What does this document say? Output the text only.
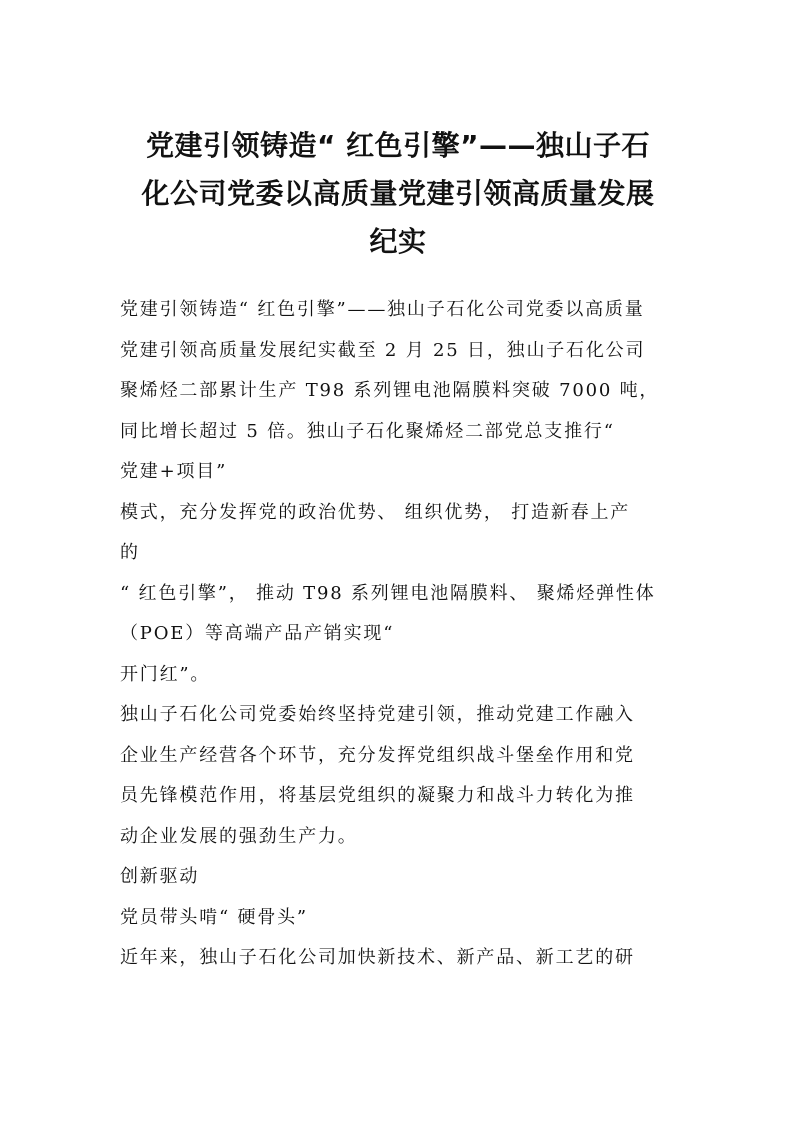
党建引领铸造“ 红色引擎”——独山子石
化公司党委以高质量党建引领高质量发展
纪实
党建引领铸造“ 红色引擎”——独山子石化公司党委以高质量
党建引领高质量发展纪实截至 2 月 25 日，独山子石化公司
聚烯烃二部累计生产 T98 系列锂电池隔膜料突破 7000 吨，
同比增长超过 5 倍。独山子石化聚烯烃二部党总支推行“
党建+项目”
模式，充分发挥党的政治优势、 组织优势， 打造新春上产
的
“ 红色引擎”， 推动 T98 系列锂电池隔膜料、 聚烯烃弹性体
（POE）等高端产品产销实现“
开门红”。
独山子石化公司党委始终坚持党建引领，推动党建工作融入
企业生产经营各个环节，充分发挥党组织战斗堡垒作用和党
员先锋模范作用，将基层党组织的凝聚力和战斗力转化为推
动企业发展的强劲生产力。
创新驱动
党员带头啃“ 硬骨头”
近年来，独山子石化公司加快新技术、新产品、新工艺的研
